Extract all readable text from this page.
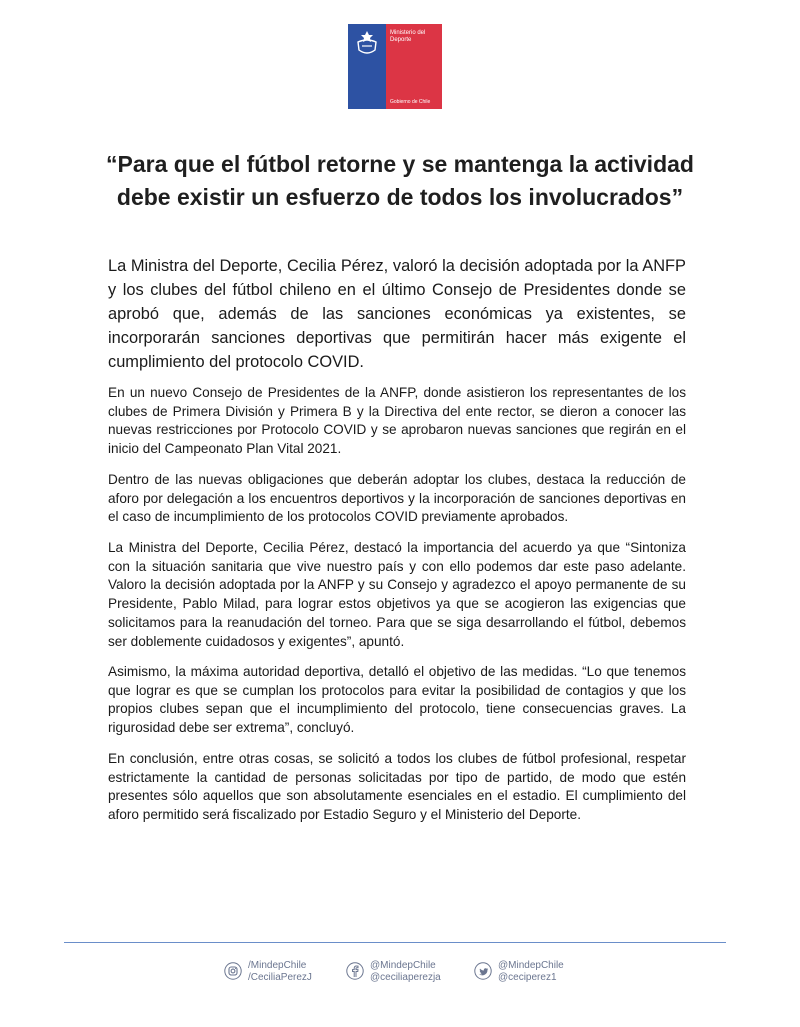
Ministerio del
Deporte
Gobierno de Chile
“Para que el fútbol retorne y se mantenga la actividad
debe existir un esfuerzo de todos los involucrados”

La Ministra del Deporte, Cecilia Pérez, valoró la decisión adoptada por la ANFP y los clubes del fútbol chileno en el último Consejo de Presidentes donde se aprobó que, además de las sanciones económicas ya existentes, se incorporarán sanciones deportivas que permitirán hacer más exigente el cumplimiento del protocolo COVID.

En un nuevo Consejo de Presidentes de la ANFP, donde asistieron los representantes de los clubes de Primera División y Primera B y la Directiva del ente rector, se dieron a conocer las nuevas restricciones por Protocolo COVID y se aprobaron nuevas sanciones que regirán en el inicio del Campeonato Plan Vital 2021.

Dentro de las nuevas obligaciones que deberán adoptar los clubes, destaca la reducción de aforo por delegación a los encuentros deportivos y la incorporación de sanciones deportivas en el caso de incumplimiento de los protocolos COVID previamente aprobados.

La Ministra del Deporte, Cecilia Pérez, destacó la importancia del acuerdo ya que “Sintoniza con la situación sanitaria que vive nuestro país y con ello podemos dar este paso adelante. Valoro la decisión adoptada por la ANFP y su Consejo y agradezco el apoyo permanente de su Presidente, Pablo Milad, para lograr estos objetivos ya que se acogieron las exigencias que solicitamos para la reanudación del torneo. Para que se siga desarrollando el fútbol, debemos ser doblemente cuidadosos y exigentes”, apuntó.

Asimismo, la máxima autoridad deportiva, detalló el objetivo de las medidas. “Lo que tenemos que lograr es que se cumplan los protocolos para evitar la posibilidad de contagios y que los propios clubes sepan que el incumplimiento del protocolo, tiene consecuencias graves. La rigurosidad debe ser extrema”, concluyó.

En conclusión, entre otras cosas, se solicitó a todos los clubes de fútbol profesional, respetar estrictamente la cantidad de personas solicitadas por tipo de partido, de modo que estén presentes sólo aquellos que son absolutamente esenciales en el estadio. El cumplimiento del aforo permitido será fiscalizado por Estadio Seguro y el Ministerio del Deporte.

/MindepChile
/CeciliaPerezJ
@MindepChile
@ceciliaperezja
@MindepChile
@ceciperez1
